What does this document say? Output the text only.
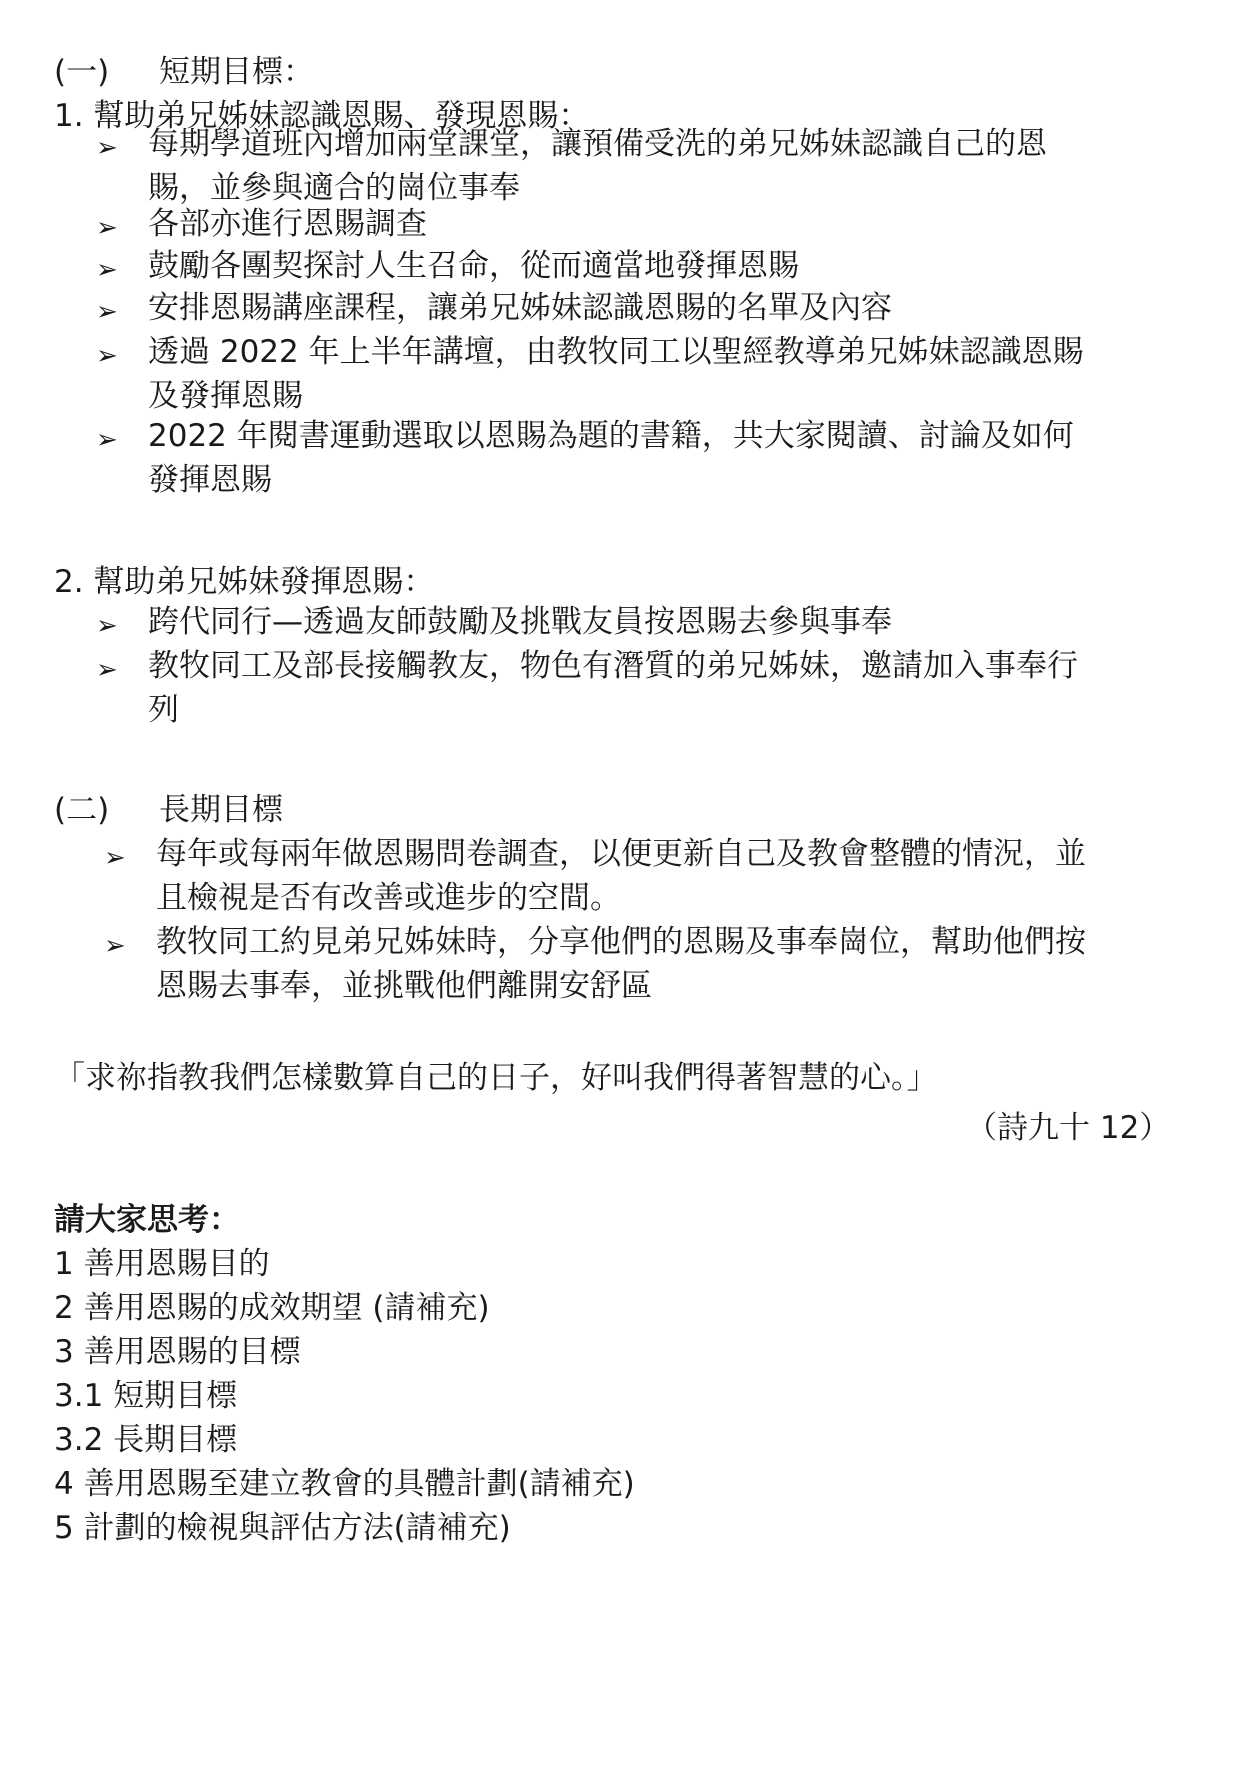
(一) 短期目標：
1. 幫助弟兄姊妹認識恩賜、發現恩賜：
➢ 每期學道班內增加兩堂課堂，讓預備受洗的弟兄姊妹認識自己的恩
賜，並參與適合的崗位事奉
➢ 各部亦進行恩賜調查
➢ 鼓勵各團契探討人生召命，從而適當地發揮恩賜
➢ 安排恩賜講座課程，讓弟兄姊妹認識恩賜的名單及內容
➢ 透過 2022 年上半年講壇，由教牧同工以聖經教導弟兄姊妹認識恩賜
及發揮恩賜
➢ 2022 年閱書運動選取以恩賜為題的書籍，共大家閱讀、討論及如何
發揮恩賜
2. 幫助弟兄姊妹發揮恩賜：
➢ 跨代同行—透過友師鼓勵及挑戰友員按恩賜去參與事奉
➢ 教牧同工及部長接觸教友，物色有潛質的弟兄姊妹，邀請加入事奉行
列
(二) 長期目標
➢ 每年或每兩年做恩賜問卷調查，以便更新自己及教會整體的情況，並
且檢視是否有改善或進步的空間。
➢ 教牧同工約見弟兄姊妹時，分享他們的恩賜及事奉崗位，幫助他們按
恩賜去事奉，並挑戰他們離開安舒區
「求祢指教我們怎樣數算自己的日子，好叫我們得著智慧的心。」
（詩九十 12）
請大家思考：
1 善用恩賜目的
2 善用恩賜的成效期望 (請補充)
3 善用恩賜的目標
3.1 短期目標
3.2 長期目標
4 善用恩賜至建立教會的具體計劃(請補充)
5 計劃的檢視與評估方法(請補充)
